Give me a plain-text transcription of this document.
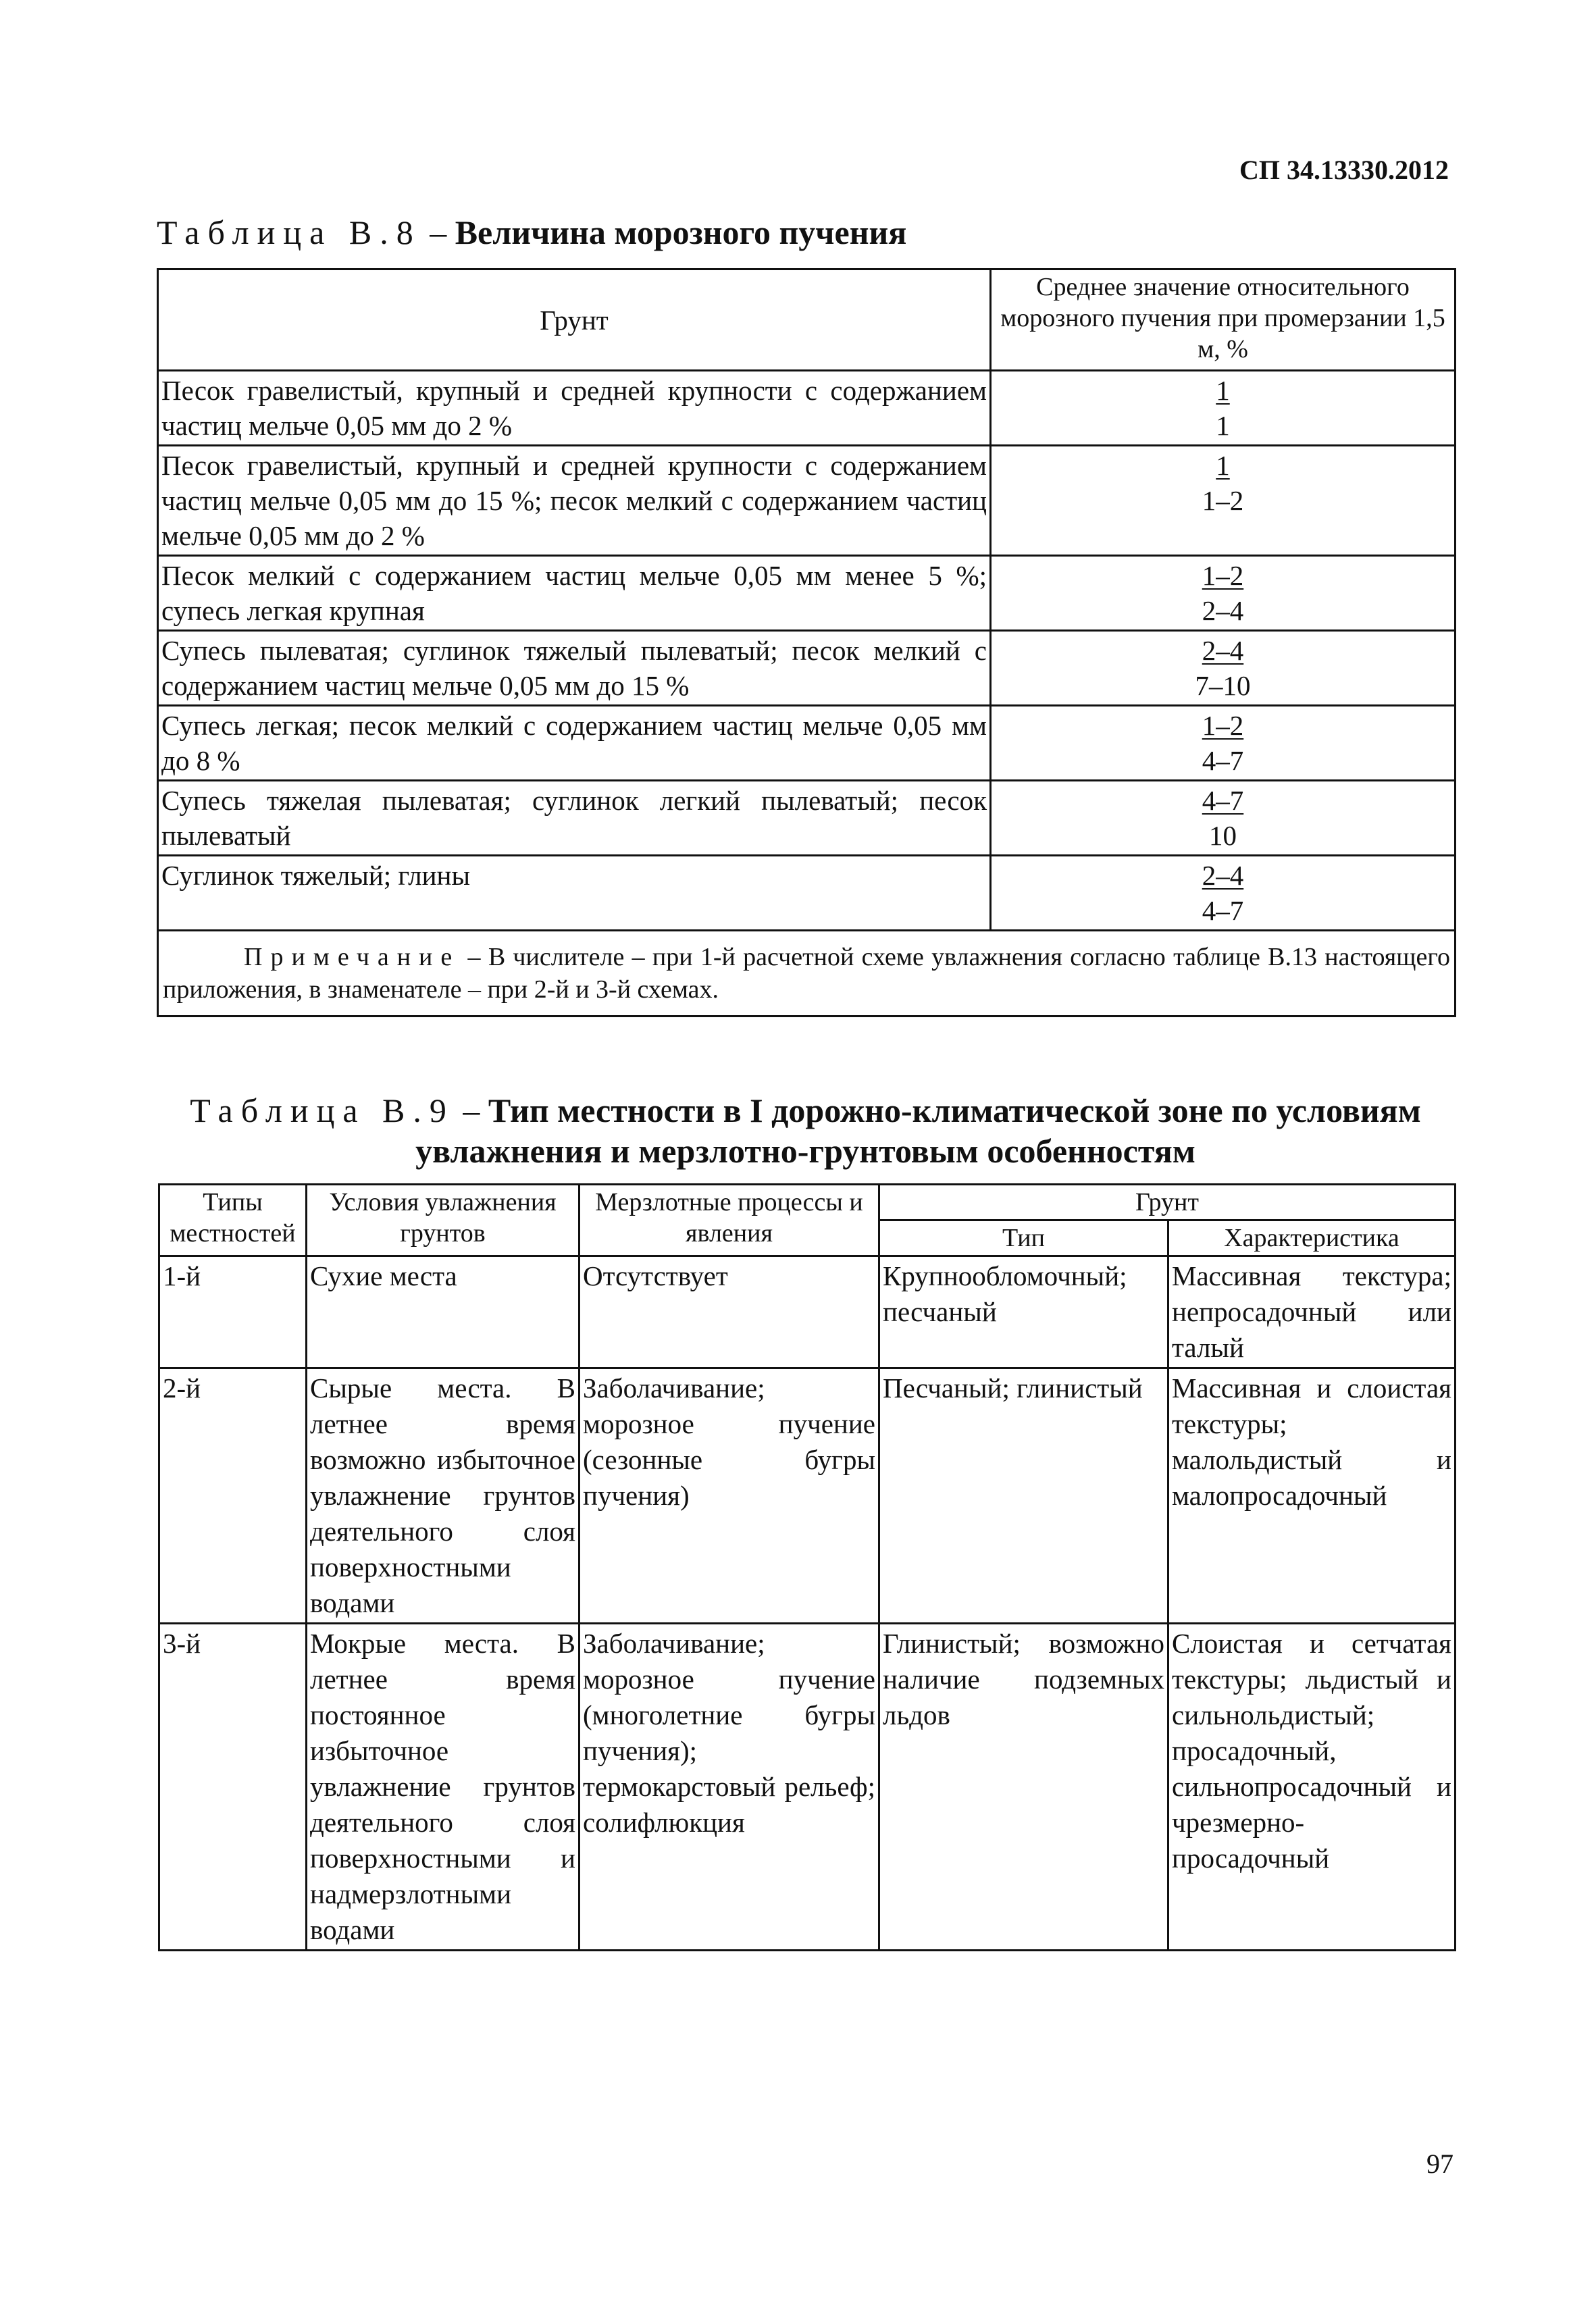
СП 34.13330.2012
Таблица В.8 – Величина морозного пучения
Грунт	Среднее значение относительного морозного пучения при промерзании 1,5 м, %
Песок гравелистый, крупный и средней крупности с содержанием частиц мельче 0,05 мм до 2 %	$\frac{1}{1}$

Песок гравелистый, крупный и средней крупности с содержанием частиц мельче 0,05 мм до 15 %; песок мелкий с содержанием частиц мельче 0,05 мм до 2 %	$\frac{1}{1-2}$

Песок мелкий с содержанием частиц мельче 0,05 мм менее 5 %; супесь легкая крупная	$\frac{1-2}{2-4}$

Супесь пылеватая; суглинок тяжелый пылеватый; песок мелкий с содержанием частиц мельче 0,05 мм до 15 %	$\frac{2-4}{7-10}$

Супесь легкая; песок мелкий с содержанием частиц мельче 0,05 мм до 8 %	$\frac{1-2}{4-7}$

Супесь тяжелая пылеватая; суглинок легкий пылеватый; песок пылеватый	$\frac{4-7}{10}$

Суглинок тяжелый; глины	$\frac{2-4}{4-7}$

Примечание – В числителе – при 1-й расчетной схеме увлажнения согласно таблице В.13 настоящего приложения, в знаменателе – при 2-й и 3-й схемах.	
Таблица В.9 – Тип местности в I дорожно-климатической зоне по условиям увлажнения и мерзлотно-грунтовым особенностям
Типы местностей	Условия увлажнения грунтов	Мерзлотные процессы и явления	Грунт	
			Тип	Характеристика
1-й	Сухие места	Отсутствует	Крупнообломочный; песчаный	Массивная текстура; непросадочный или талый
2-й	Сырые места. В летнее время возможно избыточное увлажнение грунтов деятельного слоя поверхностными водами	Заболачивание; морозное пучение (сезонные бугры пучения)	Песчаный; глинистый	Массивная и слоистая текстуры; малольдистый и малопросадочный
3-й	Мокрые места. В летнее время постоянное избыточное увлажнение грунтов деятельного слоя поверхностными и надмерзлотными водами	Заболачивание; морозное пучение (многолетние бугры пучения); термокарстовый рельеф; солифлюкция	Глинистый; возможно наличие подземных льдов	Слоистая и сетчатая текстуры; льдистый и сильнольдистый; просадочный, сильнопросадочный и чрезмерно-просадочный
97
